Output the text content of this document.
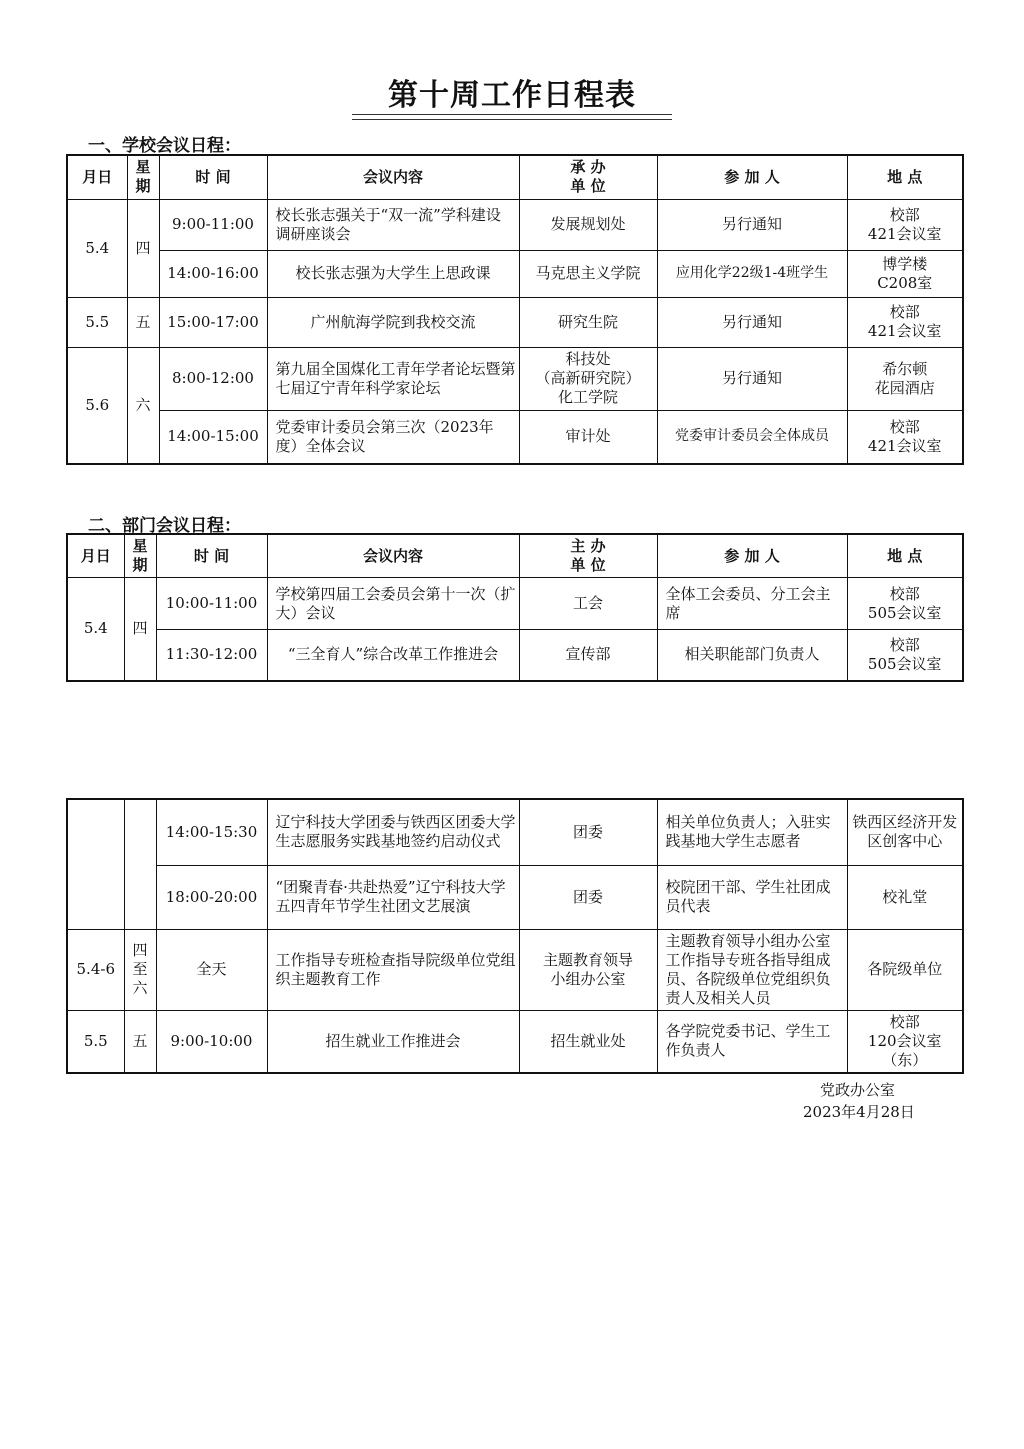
第十周工作日程表
一、学校会议日程：
月日	星
期	时 间	会议内容	承 办
单 位	参 加 人	地 点
5.4	四	9:00-11:00	校长张志强关于“双一流”学科建设调研座谈会	发展规划处	另行通知	校部
421会议室
		14:00-16:00	校长张志强为大学生上思政课	马克思主义学院	应用化学22级1-4班学生	博学楼
C208室
5.5	五	15:00-17:00	广州航海学院到我校交流	研究生院	另行通知	校部
421会议室
5.6	六	8:00-12:00	第九届全国煤化工青年学者论坛暨第七届辽宁青年科学家论坛	科技处
（高新研究院）
化工学院	另行通知	希尔顿
花园酒店
		14:00-15:00	党委审计委员会第三次（2023年度）全体会议	审计处	党委审计委员会全体成员	校部
421会议室
二、部门会议日程：
月日	星
期	时 间	会议内容	主 办
单 位	参 加 人	地 点
5.4	四	10:00-11:00	学校第四届工会委员会第十一次（扩大）会议	工会	全体工会委员、分工会主席	校部
505会议室
		11:30-12:00	“三全育人”综合改革工作推进会	宣传部	相关职能部门负责人	校部
505会议室
		14:00-15:30	辽宁科技大学团委与铁西区团委大学生志愿服务实践基地签约启动仪式	团委	相关单位负责人；入驻实践基地大学生志愿者	铁西区经济开发区创客中心
		18:00-20:00	“团聚青春·共赴热爱”辽宁科技大学五四青年节学生社团文艺展演	团委	校院团干部、学生社团成员代表	校礼堂
5.4-6	四
至
六	全天	工作指导专班检查指导院级单位党组织主题教育工作	主题教育领导
小组办公室	主题教育领导小组办公室工作指导专班各指导组成员、各院级单位党组织负责人及相关人员	各院级单位
5.5	五	9:00-10:00	招生就业工作推进会	招生就业处	各学院党委书记、学生工作负责人	校部
120会议室
（东）
党政办公室
2023年4月28日
